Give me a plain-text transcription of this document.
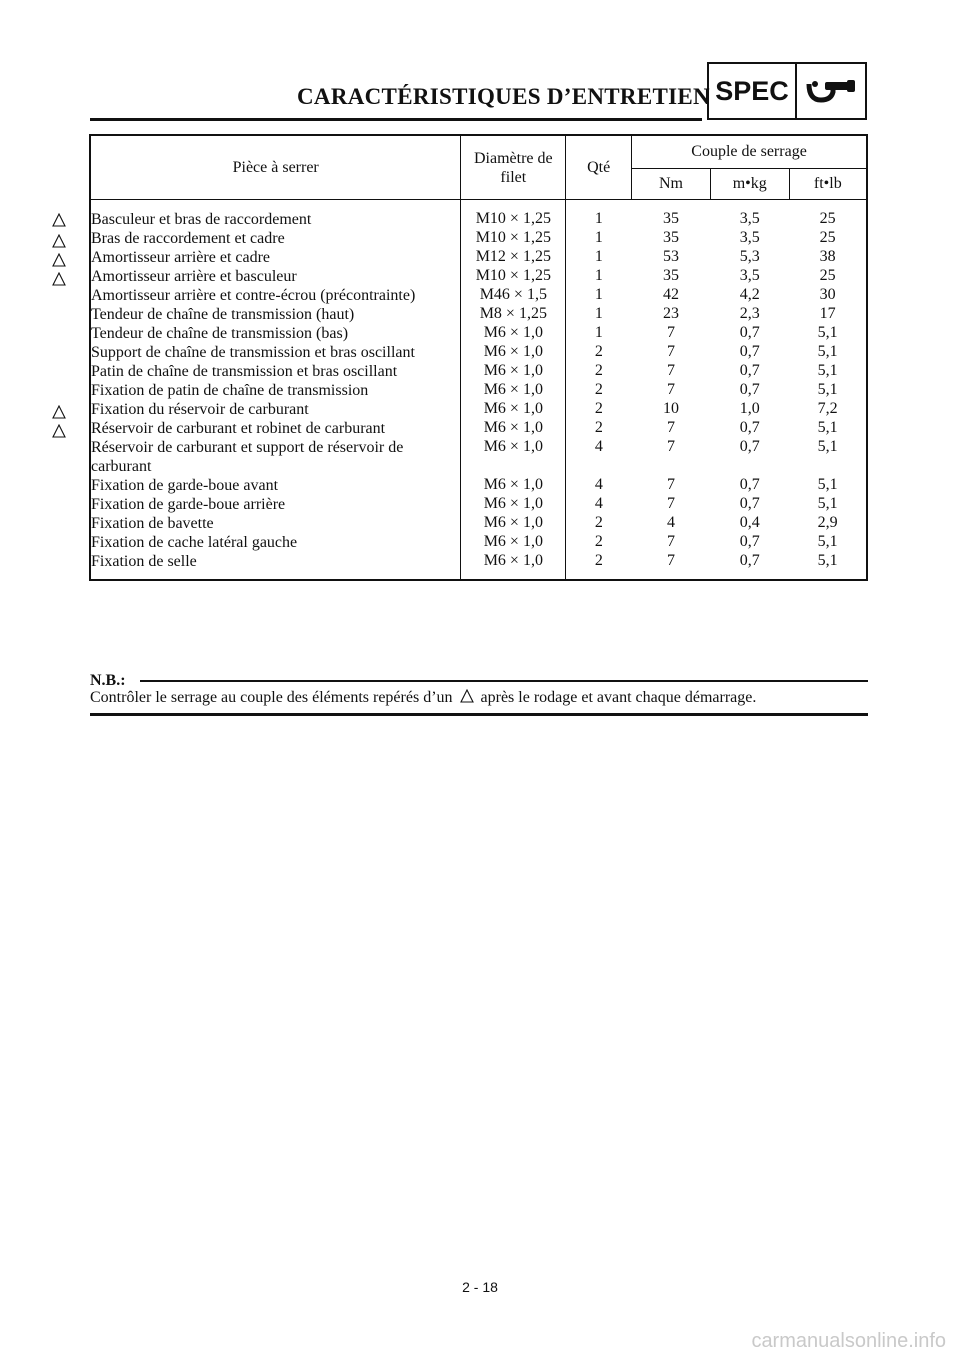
CARACTÉRISTIQUES D’ENTRETIEN SPEC
Pièce à serrer	Diamètre de filet	Qté	Couple de serrage		
			Nm	m•kg	ft•lb
Basculeur et bras de raccordement	M10 × 1,25	1	35	3,5	25
Bras de raccordement et cadre	M10 × 1,25	1	35	3,5	25
Amortisseur arrière et cadre	M12 × 1,25	1	53	5,3	38
Amortisseur arrière et basculeur	M10 × 1,25	1	35	3,5	25
Amortisseur arrière et contre-écrou (précontrainte)	M46 × 1,5	1	42	4,2	30
Tendeur de chaîne de transmission (haut)	M8 × 1,25	1	23	2,3	17
Tendeur de chaîne de transmission (bas)	M6 × 1,0	1	7	0,7	5,1
Support de chaîne de transmission et bras oscillant	M6 × 1,0	2	7	0,7	5,1
Patin de chaîne de transmission et bras oscillant	M6 × 1,0	2	7	0,7	5,1
Fixation de patin de chaîne de transmission	M6 × 1,0	2	7	0,7	5,1
Fixation du réservoir de carburant	M6 × 1,0	2	10	1,0	7,2
Réservoir de carburant et robinet de carburant	M6 × 1,0	2	7	0,7	5,1
Réservoir de carburant et support de réservoir de carburant	M6 × 1,0	4	7	0,7	5,1
Fixation de garde-boue avant	M6 × 1,0	4	7	0,7	5,1
Fixation de garde-boue arrière	M6 × 1,0	4	7	0,7	5,1
Fixation de bavette	M6 × 1,0	2	4	0,4	2,9
Fixation de cache latéral gauche	M6 × 1,0	2	7	0,7	5,1
Fixation de selle	M6 × 1,0	2	7	0,7	5,1
N.B.:
Contrôler le serrage au couple des éléments repérés d’un après le rodage et avant chaque démarrage.
2 - 18
carmanualsonline.info
